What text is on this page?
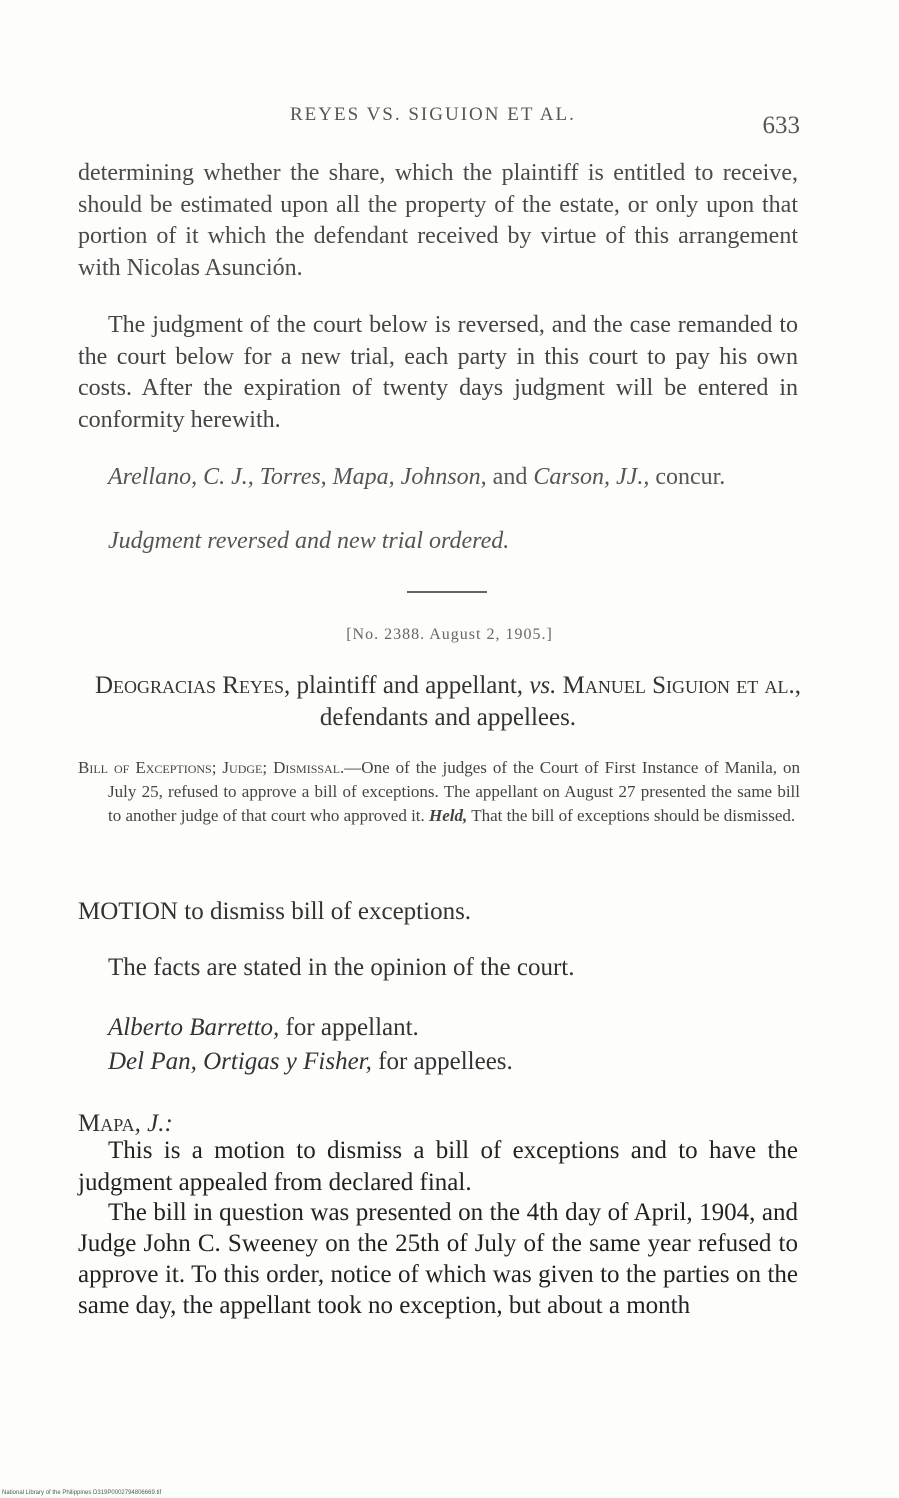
REYES VS. SIGUION ET AL.	633

determining whether the share, which the plaintiff is entitled to receive, should be estimated upon all the property of the estate, or only upon that portion of it which the defendant received by virtue of this arrangement with Nicolas Asunción.

The judgment of the court below is reversed, and the case remanded to the court below for a new trial, each party in this court to pay his own costs. After the expiration of twenty days judgment will be entered in conformity herewith.

Arellano, C. J., Torres, Mapa, Johnson, and Carson, JJ., concur.

Judgment reversed and new trial ordered.

[No. 2388. August 2, 1905.]
Deogracias Reyes, plaintiff and appellant, vs. Manuel Siguion et al., defendants and appellees.

Bill of Exceptions; Judge; Dismissal.—One of the judges of the Court of First Instance of Manila, on July 25, refused to approve a bill of exceptions. The appellant on August 27 presented the same bill to another judge of that court who approved it. Held, That the bill of exceptions should be dismissed.

MOTION to dismiss bill of exceptions.

The facts are stated in the opinion of the court.

Alberto Barretto, for appellant.

Del Pan, Ortigas y Fisher, for appellees.

Mapa, J.:

This is a motion to dismiss a bill of exceptions and to have the judgment appealed from declared final.

The bill in question was presented on the 4th day of April, 1904, and Judge John C. Sweeney on the 25th of July of the same year refused to approve it. To this order, notice of which was given to the parties on the same day, the appellant took no exception, but about a month

National Library of the Philippines D319P0002794806669.tif
